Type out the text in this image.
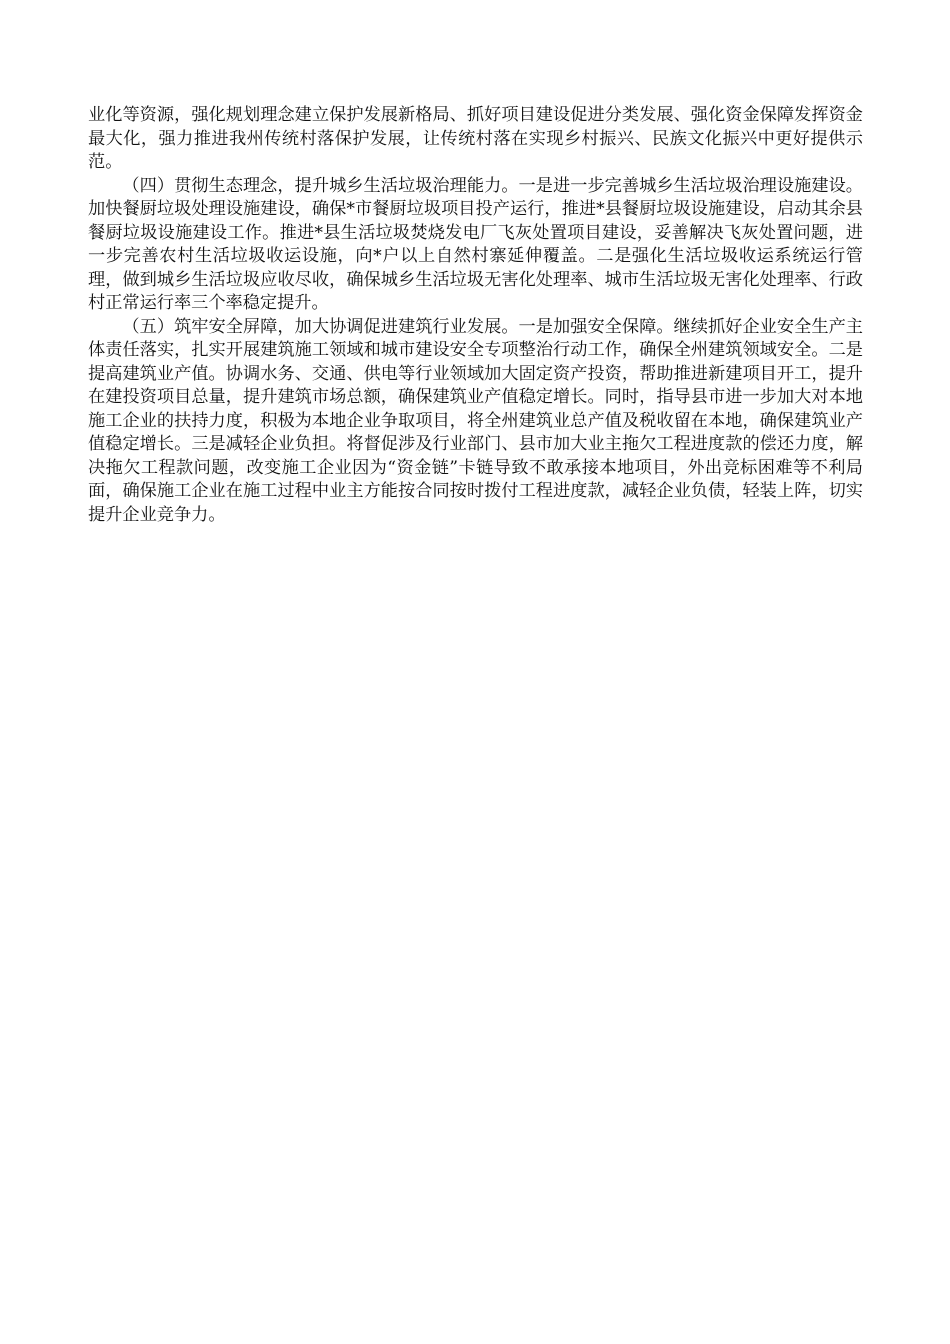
业化等资源，强化规划理念建立保护发展新格局、抓好项目建设促进分类发展、强化资金保障发挥资金最大化，强力推进我州传统村落保护发展，让传统村落在实现乡村振兴、民族文化振兴中更好提供示范。

（四）贯彻生态理念，提升城乡生活垃圾治理能力。一是进一步完善城乡生活垃圾治理设施建设。加快餐厨垃圾处理设施建设，确保*市餐厨垃圾项目投产运行，推进*县餐厨垃圾设施建设，启动其余县餐厨垃圾设施建设工作。推进*县生活垃圾焚烧发电厂飞灰处置项目建设，妥善解决飞灰处置问题，进一步完善农村生活垃圾收运设施，向*户以上自然村寨延伸覆盖。二是强化生活垃圾收运系统运行管理，做到城乡生活垃圾应收尽收，确保城乡生活垃圾无害化处理率、城市生活垃圾无害化处理率、行政村正常运行率三个率稳定提升。

（五）筑牢安全屏障，加大协调促进建筑行业发展。一是加强安全保障。继续抓好企业安全生产主体责任落实，扎实开展建筑施工领域和城市建设安全专项整治行动工作，确保全州建筑领域安全。二是提高建筑业产值。协调水务、交通、供电等行业领域加大固定资产投资，帮助推进新建项目开工，提升在建投资项目总量，提升建筑市场总额，确保建筑业产值稳定增长。同时，指导县市进一步加大对本地施工企业的扶持力度，积极为本地企业争取项目，将全州建筑业总产值及税收留在本地，确保建筑业产值稳定增长。三是减轻企业负担。将督促涉及行业部门、县市加大业主拖欠工程进度款的偿还力度，解决拖欠工程款问题，改变施工企业因为“资金链”卡链导致不敢承接本地项目，外出竞标困难等不利局面，确保施工企业在施工过程中业主方能按合同按时拨付工程进度款，减轻企业负债，轻装上阵，切实提升企业竞争力。
